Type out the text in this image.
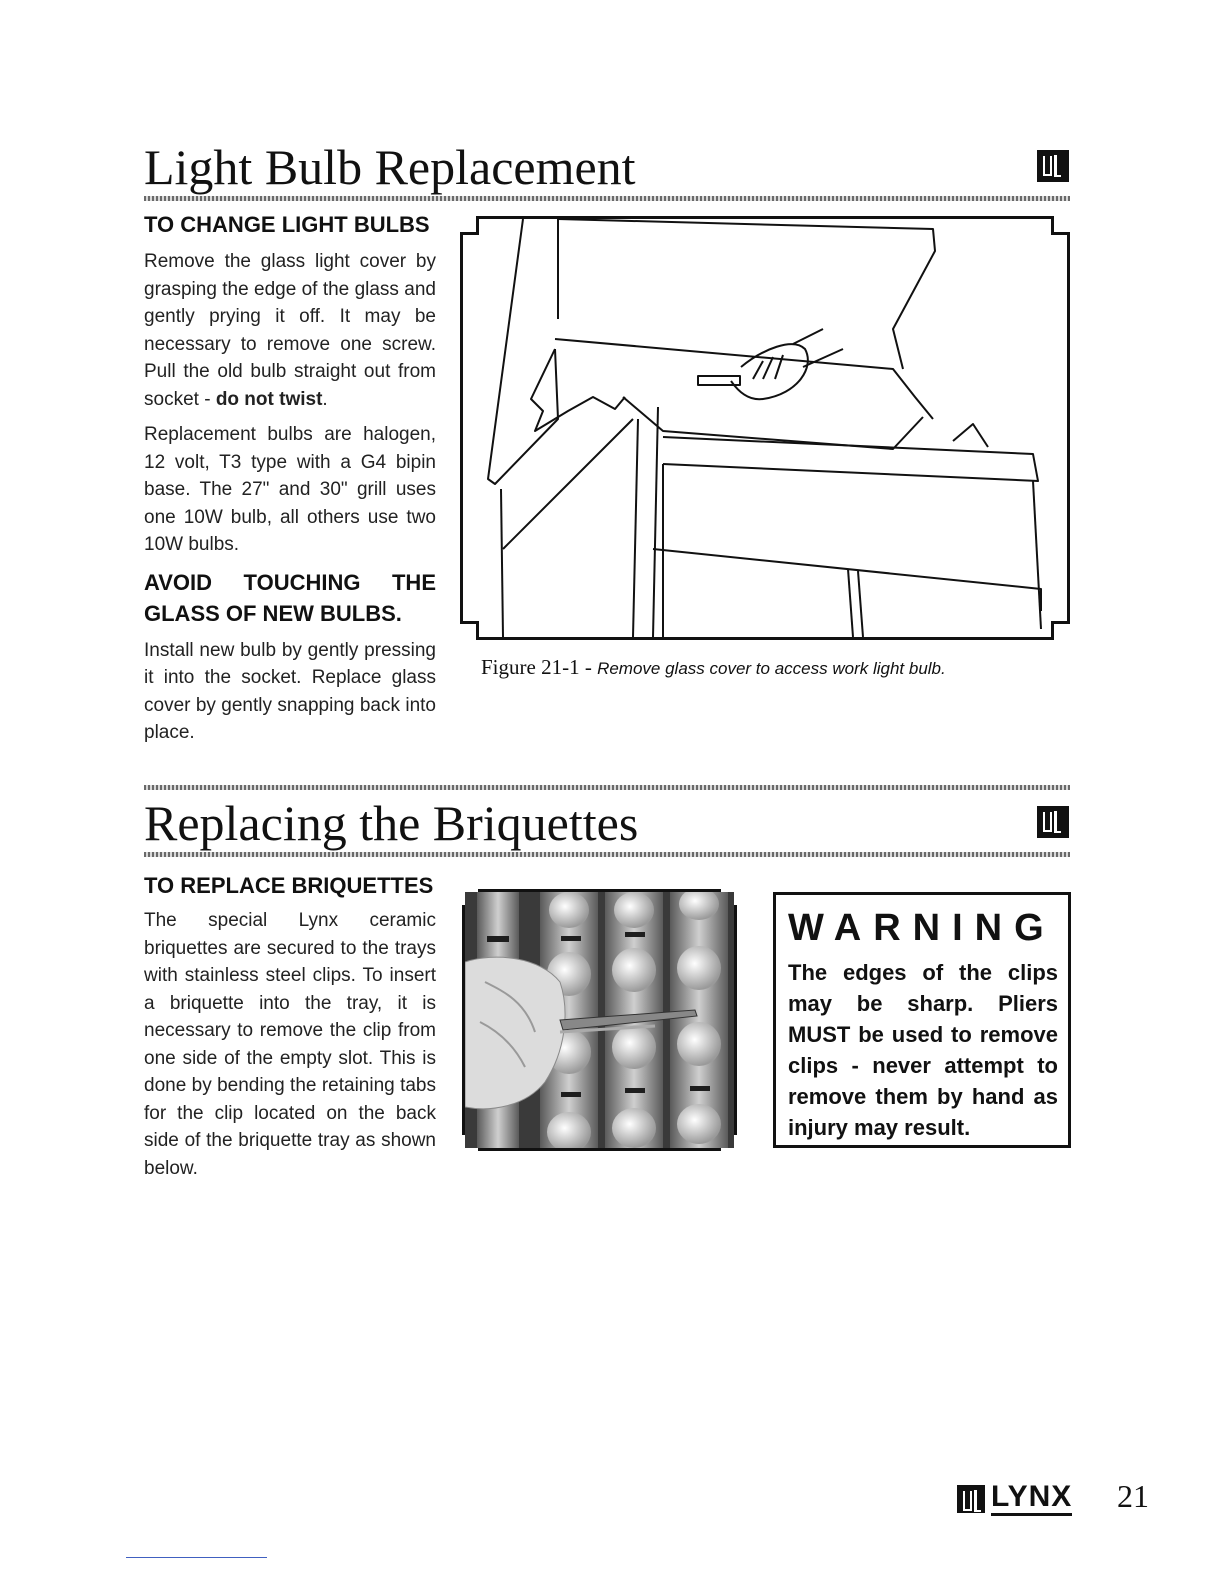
Light Bulb Replacement
TO CHANGE LIGHT BULBS

Remove the glass light cover by grasping the edge of the glass and gently prying it off. It may be necessary to remove one screw. Pull the old bulb straight out from socket - do not twist.

Replacement bulbs are halogen, 12 volt, T3 type with a G4 bipin base. The 27" and 30" grill uses one 10W bulb, all others use two 10W bulbs.

AVOID TOUCHING THE GLASS OF NEW BULBS.
Install new bulb by gently pressing it into the socket. Replace glass cover by gently snapping back into place.
Figure 21-1 - Remove glass cover to access work light bulb.
Replacing the Briquettes
TO REPLACE BRIQUETTES
The special Lynx ceramic briquettes are secured to the trays with stainless steel clips. To insert a briquette into the tray, it is necessary to remove the clip from one side of the empty slot. This is done by bending the retaining tabs for the clip located on the back side of the briquette tray as shown below.
WARNING
The edges of the clips may be sharp. Pliers MUST be used to remove clips - never attempt to remove them by hand as injury may result.
LYNX 21
